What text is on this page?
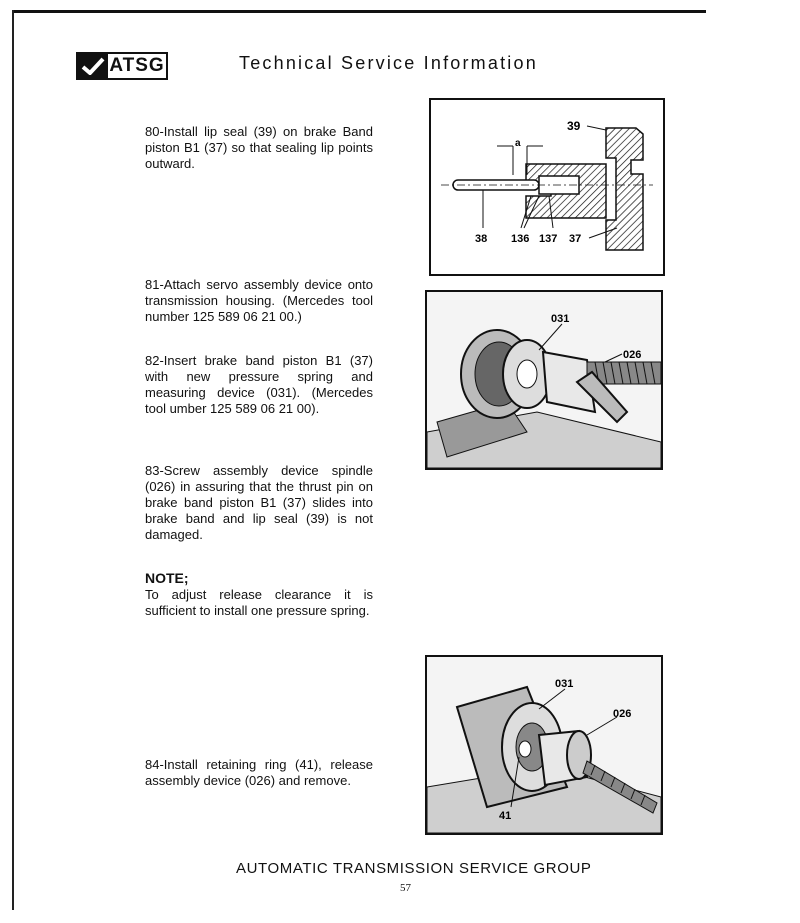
ATSG	Technical Service Information
80-Install lip seal (39) on brake Band piston B1 (37) so that sealing lip points outward.
81-Attach servo assembly device onto transmission housing. (Mercedes tool number 125 589 06 21 00.)
82-Insert brake band piston B1 (37) with new pressure spring and measuring device (031). (Mercedes tool umber 125 589 06 21 00).
83-Screw assembly device spindle (026) in assuring that the thrust pin on brake band piston B1 (37) slides into brake band and lip seal (39) is not damaged.
NOTE;
To adjust release clearance it is sufficient to install one pressure spring.
84-Install retaining ring (41), release assembly device (026) and remove.
a
39
38 136 137 37
031
026
031
026
41
AUTOMATIC TRANSMISSION SERVICE GROUP
57
